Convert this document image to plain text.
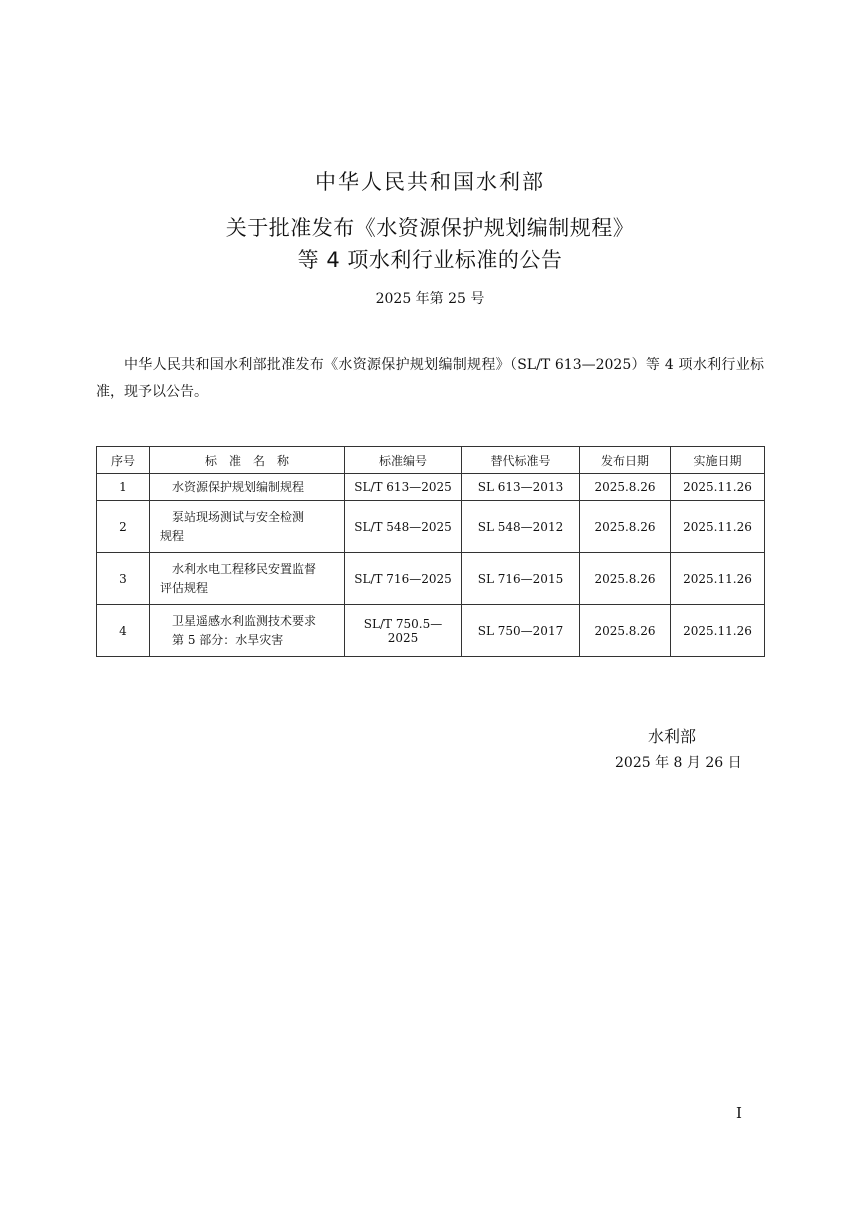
中华人民共和国水利部
关于批准发布《水资源保护规划编制规程》
等 4 项水利行业标准的公告
2025 年第 25 号
中华人民共和国水利部批准发布《水资源保护规划编制规程》（SL/T 613—2025）等 4 项水利行业标准，现予以公告。
序号	标　准　名　称	标准编号	替代标准号	发布日期	实施日期
1	水资源保护规划编制规程	SL/T 613—2025	SL 613—2013	2025.8.26	2025.11.26
2	泵站现场测试与安全检测
规程	SL/T 548—2025	SL 548—2012	2025.8.26	2025.11.26
3	水利水电工程移民安置监督
评估规程	SL/T 716—2025	SL 716—2015	2025.8.26	2025.11.26
4	卫星遥感水利监测技术要求
第 5 部分：水旱灾害	SL/T 750.5—2025	SL 750—2017	2025.8.26	2025.11.26
水利部
2025 年 8 月 26 日
I
